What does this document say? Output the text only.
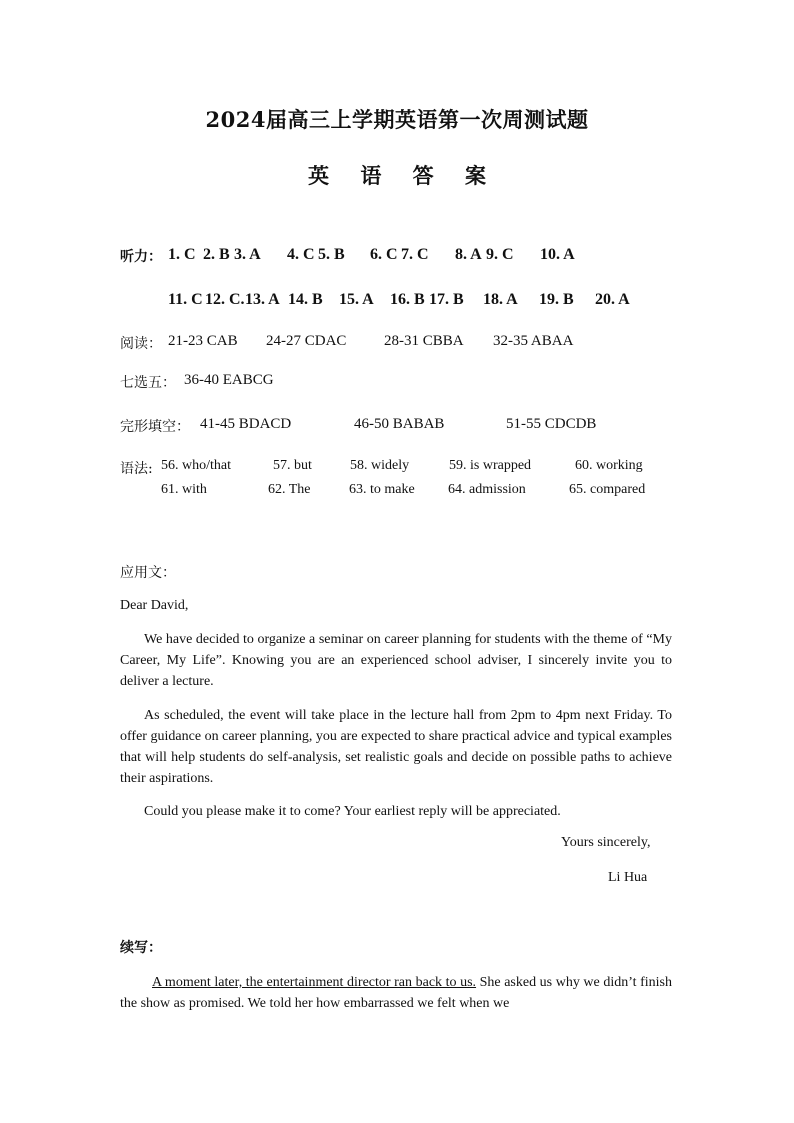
2024届高三上学期英语第一次周测试题
英 语 答 案
听力： 1. C 2. B 3. A 4. C 5. B 6. C 7. C 8. A 9. C 10. A
11. C 12. C. 13. A 14. B 15. A 16. B 17. B 18. A 19. B 20. A
阅读： 21-23 CAB 24-27 CDAC	28-31 CBBA 32-35 ABAA
七选五： 36-40 EABCG
完形填空： 41-45 BDACD	46-50 BABAB	51-55 CDCDB
语法: 56. who/that	57. but	58. widely	59. is wrapped	60. working
61. with	62. The	63. to make 64. admission	65. compared
应用文：
Dear David,
We have decided to organize a seminar on career planning for students with the theme of “My Career, My Life”. Knowing you are an experienced school adviser, I sincerely invite you to deliver a lecture.
As scheduled, the event will take place in the lecture hall from 2pm to 4pm next Friday. To offer guidance on career planning, you are expected to share practical advice and typical examples that will help students do self-analysis, set realistic goals and decide on possible paths to achieve their aspirations.
Could you please make it to come? Your earliest reply will be appreciated.
Yours sincerely,
Li Hua
续写：
A moment later, the entertainment director ran back to us. She asked us why we didn’t finish the show as promised. We told her how embarrassed we felt when we
